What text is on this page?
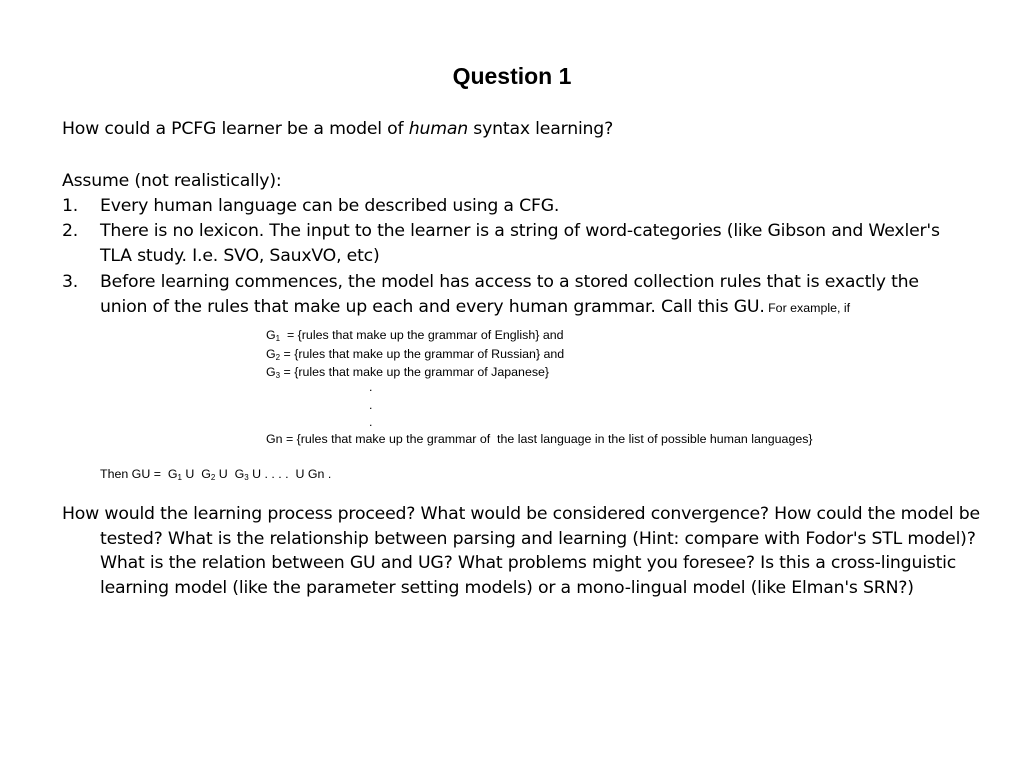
Question 1
How could a PCFG learner be a model of human syntax learning?
Assume (not realistically):
1. Every human language can be described using a CFG.
2. There is no lexicon. The input to the learner is a string of word-categories (like Gibson and Wexler's TLA study. I.e. SVO, SauxVO, etc)
3. Before learning commences, the model has access to a stored collection rules that is exactly the union of the rules that make up each and every human grammar. Call this GU. For example, if
$G_1$  = {rules that make up the grammar of English} and
$G_2$ = {rules that make up the grammar of Russian} and
$G_3$ = {rules that make up the grammar of Japanese}
.
.
.
Gn = {rules that make up the grammar of  the last language in the list of possible human languages}
Then GU =  $G_1$ U  $G_2$ U  $G_3$ U . . . .  U Gn .
How would the learning process proceed? What would be considered convergence? How could the model be tested? What is the relationship between parsing and learning (Hint: compare with Fodor's STL model)? What is the relation between GU and UG? What problems might you foresee? Is this a cross-linguistic learning model (like the parameter setting models) or a mono-lingual model (like Elman's SRN?)
